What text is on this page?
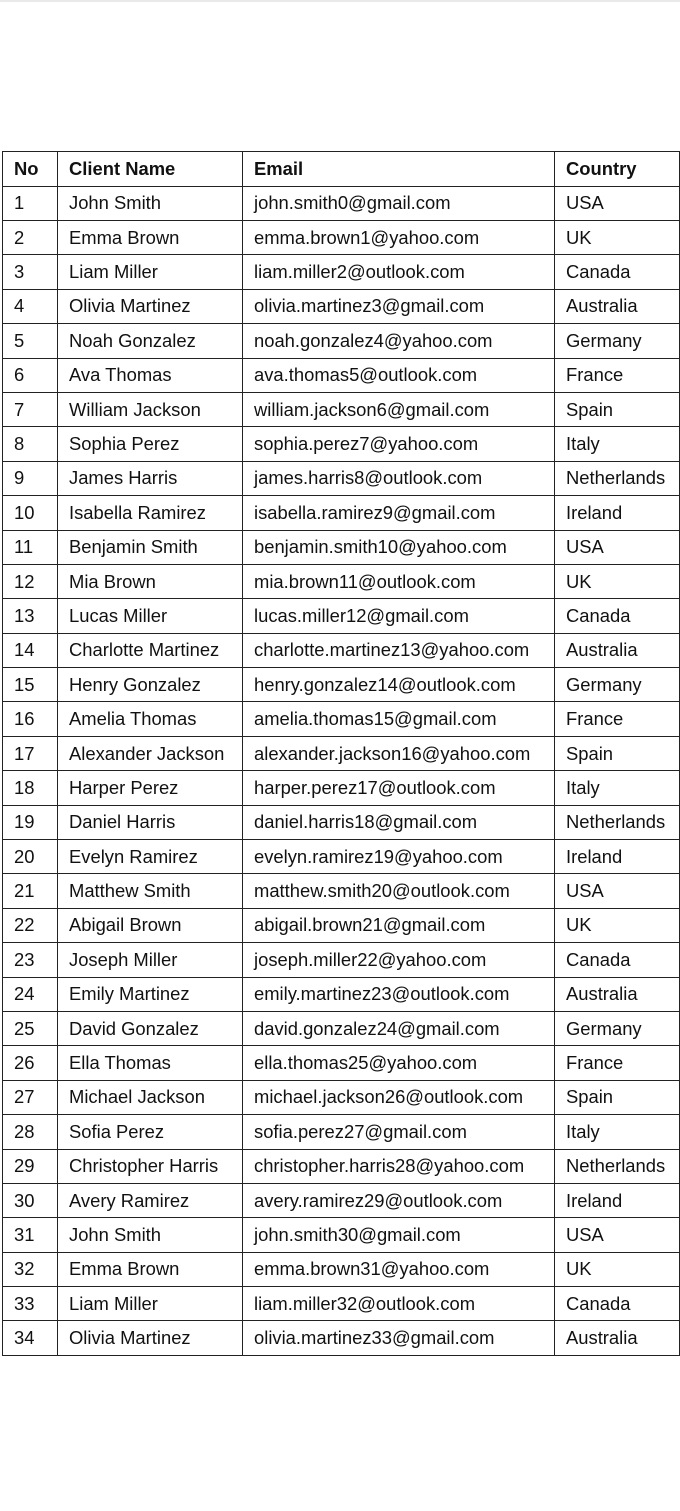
No	Client Name	Email	Country
1	John Smith	john.smith0@gmail.com	USA
2	Emma Brown	emma.brown1@yahoo.com	UK
3	Liam Miller	liam.miller2@outlook.com	Canada
4	Olivia Martinez	olivia.martinez3@gmail.com	Australia
5	Noah Gonzalez	noah.gonzalez4@yahoo.com	Germany
6	Ava Thomas	ava.thomas5@outlook.com	France
7	William Jackson	william.jackson6@gmail.com	Spain
8	Sophia Perez	sophia.perez7@yahoo.com	Italy
9	James Harris	james.harris8@outlook.com	Netherlands
10	Isabella Ramirez	isabella.ramirez9@gmail.com	Ireland
11	Benjamin Smith	benjamin.smith10@yahoo.com	USA
12	Mia Brown	mia.brown11@outlook.com	UK
13	Lucas Miller	lucas.miller12@gmail.com	Canada
14	Charlotte Martinez	charlotte.martinez13@yahoo.com	Australia
15	Henry Gonzalez	henry.gonzalez14@outlook.com	Germany
16	Amelia Thomas	amelia.thomas15@gmail.com	France
17	Alexander Jackson	alexander.jackson16@yahoo.com	Spain
18	Harper Perez	harper.perez17@outlook.com	Italy
19	Daniel Harris	daniel.harris18@gmail.com	Netherlands
20	Evelyn Ramirez	evelyn.ramirez19@yahoo.com	Ireland
21	Matthew Smith	matthew.smith20@outlook.com	USA
22	Abigail Brown	abigail.brown21@gmail.com	UK
23	Joseph Miller	joseph.miller22@yahoo.com	Canada
24	Emily Martinez	emily.martinez23@outlook.com	Australia
25	David Gonzalez	david.gonzalez24@gmail.com	Germany
26	Ella Thomas	ella.thomas25@yahoo.com	France
27	Michael Jackson	michael.jackson26@outlook.com	Spain
28	Sofia Perez	sofia.perez27@gmail.com	Italy
29	Christopher Harris	christopher.harris28@yahoo.com	Netherlands
30	Avery Ramirez	avery.ramirez29@outlook.com	Ireland
31	John Smith	john.smith30@gmail.com	USA
32	Emma Brown	emma.brown31@yahoo.com	UK
33	Liam Miller	liam.miller32@outlook.com	Canada
34	Olivia Martinez	olivia.martinez33@gmail.com	Australia
